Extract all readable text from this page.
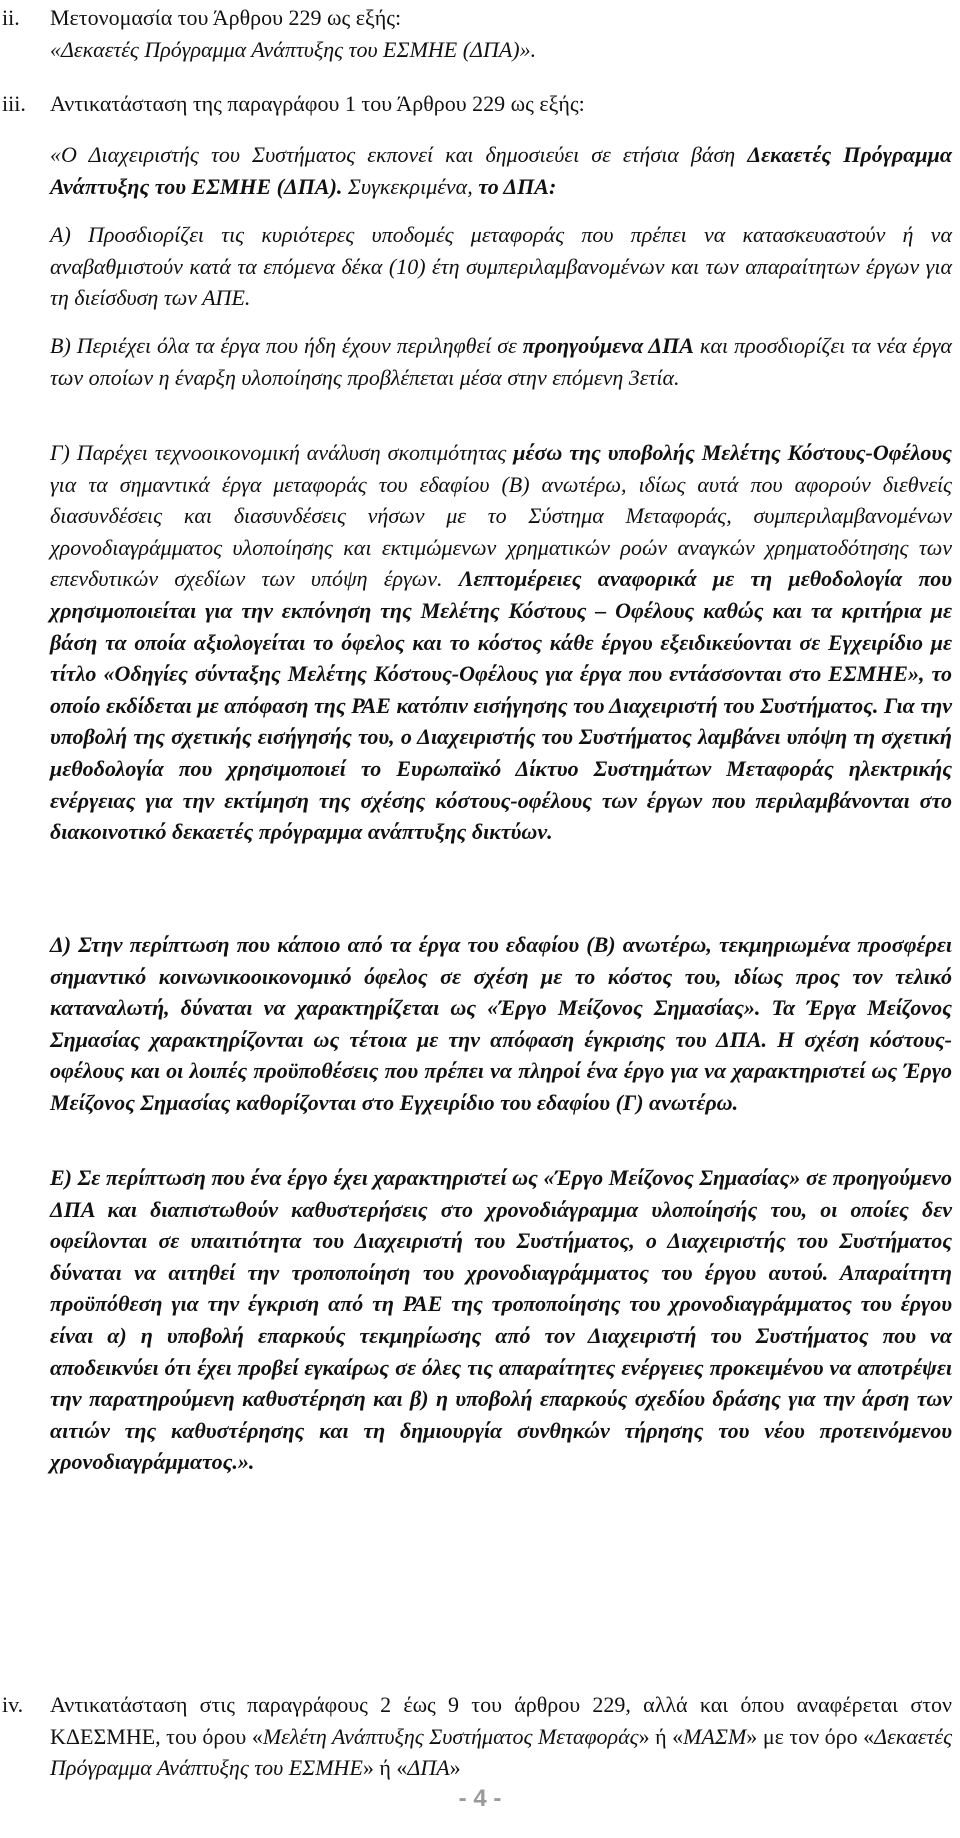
ii. Μετονομασία του Άρθρου 229 ως εξής:
«Δεκαετές Πρόγραμμα Ανάπτυξης του ΕΣΜΗΕ (ΔΠΑ)».
iii. Αντικατάσταση της παραγράφου 1 του Άρθρου 229 ως εξής:
«Ο Διαχειριστής του Συστήματος εκπονεί και δημοσιεύει σε ετήσια βάση Δεκαετές Πρόγραμμα Ανάπτυξης του ΕΣΜΗΕ (ΔΠΑ). Συγκεκριμένα, το ΔΠΑ:
Α) Προσδιορίζει τις κυριότερες υποδομές μεταφοράς που πρέπει να κατασκευαστούν ή να αναβαθμιστούν κατά τα επόμενα δέκα (10) έτη συμπεριλαμβανομένων και των απαραίτητων έργων για τη διείσδυση των ΑΠΕ.
Β) Περιέχει όλα τα έργα που ήδη έχουν περιληφθεί σε προηγούμενα ΔΠΑ και προσδιορίζει τα νέα έργα των οποίων η έναρξη υλοποίησης προβλέπεται μέσα στην επόμενη 3ετία.
Γ) Παρέχει τεχνοοικονομική ανάλυση σκοπιμότητας μέσω της υποβολής Μελέτης Κόστους-Οφέλους για τα σημαντικά έργα μεταφοράς του εδαφίου (Β) ανωτέρω, ιδίως αυτά που αφορούν διεθνείς διασυνδέσεις και διασυνδέσεις νήσων με το Σύστημα Μεταφοράς, συμπεριλαμβανομένων χρονοδιαγράμματος υλοποίησης και εκτιμώμενων χρηματικών ροών αναγκών χρηματοδότησης των επενδυτικών σχεδίων των υπόψη έργων. Λεπτομέρειες αναφορικά με τη μεθοδολογία που χρησιμοποιείται για την εκπόνηση της Μελέτης Κόστους – Οφέλους καθώς και τα κριτήρια με βάση τα οποία αξιολογείται το όφελος και το κόστος κάθε έργου εξειδικεύονται σε Εγχειρίδιο με τίτλο «Οδηγίες σύνταξης Μελέτης Κόστους-Οφέλους για έργα που εντάσσονται στο ΕΣΜΗΕ», το οποίο εκδίδεται με απόφαση της ΡΑΕ κατόπιν εισήγησης του Διαχειριστή του Συστήματος. Για την υποβολή της σχετικής εισήγησής του, ο Διαχειριστής του Συστήματος λαμβάνει υπόψη τη σχετική μεθοδολογία που χρησιμοποιεί το Ευρωπαϊκό Δίκτυο Συστημάτων Μεταφοράς ηλεκτρικής ενέργειας για την εκτίμηση της σχέσης κόστους-οφέλους των έργων που περιλαμβάνονται στο διακοινοτικό δεκαετές πρόγραμμα ανάπτυξης δικτύων.
Δ) Στην περίπτωση που κάποιο από τα έργα του εδαφίου (Β) ανωτέρω, τεκμηριωμένα προσφέρει σημαντικό κοινωνικοοικονομικό όφελος σε σχέση με το κόστος του, ιδίως προς τον τελικό καταναλωτή, δύναται να χαρακτηρίζεται ως «Έργο Μείζονος Σημασίας». Τα Έργα Μείζονος Σημασίας χαρακτηρίζονται ως τέτοια με την απόφαση έγκρισης του ΔΠΑ. Η σχέση κόστους-οφέλους και οι λοιπές προϋποθέσεις που πρέπει να πληροί ένα έργο για να χαρακτηριστεί ως Έργο Μείζονος Σημασίας καθορίζονται στο Εγχειρίδιο του εδαφίου (Γ) ανωτέρω.
Ε) Σε περίπτωση που ένα έργο έχει χαρακτηριστεί ως «Έργο Μείζονος Σημασίας» σε προηγούμενο ΔΠΑ και διαπιστωθούν καθυστερήσεις στο χρονοδιάγραμμα υλοποίησής του, οι οποίες δεν οφείλονται σε υπαιτιότητα του Διαχειριστή του Συστήματος, ο Διαχειριστής του Συστήματος δύναται να αιτηθεί την τροποποίηση του χρονοδιαγράμματος του έργου αυτού. Απαραίτητη προϋπόθεση για την έγκριση από τη ΡΑΕ της τροποποίησης του χρονοδιαγράμματος του έργου είναι α) η υποβολή επαρκούς τεκμηρίωσης από τον Διαχειριστή του Συστήματος που να αποδεικνύει ότι έχει προβεί εγκαίρως σε όλες τις απαραίτητες ενέργειες προκειμένου να αποτρέψει την παρατηρούμενη καθυστέρηση και β) η υποβολή επαρκούς σχεδίου δράσης για την άρση των αιτιών της καθυστέρησης και τη δημιουργία συνθηκών τήρησης του νέου προτεινόμενου χρονοδιαγράμματος.».
iv. Αντικατάσταση στις παραγράφους 2 έως 9 του άρθρου 229, αλλά και όπου αναφέρεται στον ΚΔΕΣΜΗΕ, του όρου «Μελέτη Ανάπτυξης Συστήματος Μεταφοράς» ή «ΜΑΣΜ» με τον όρο «Δεκαετές Πρόγραμμα Ανάπτυξης του ΕΣΜΗΕ» ή «ΔΠΑ»
- 4 -
